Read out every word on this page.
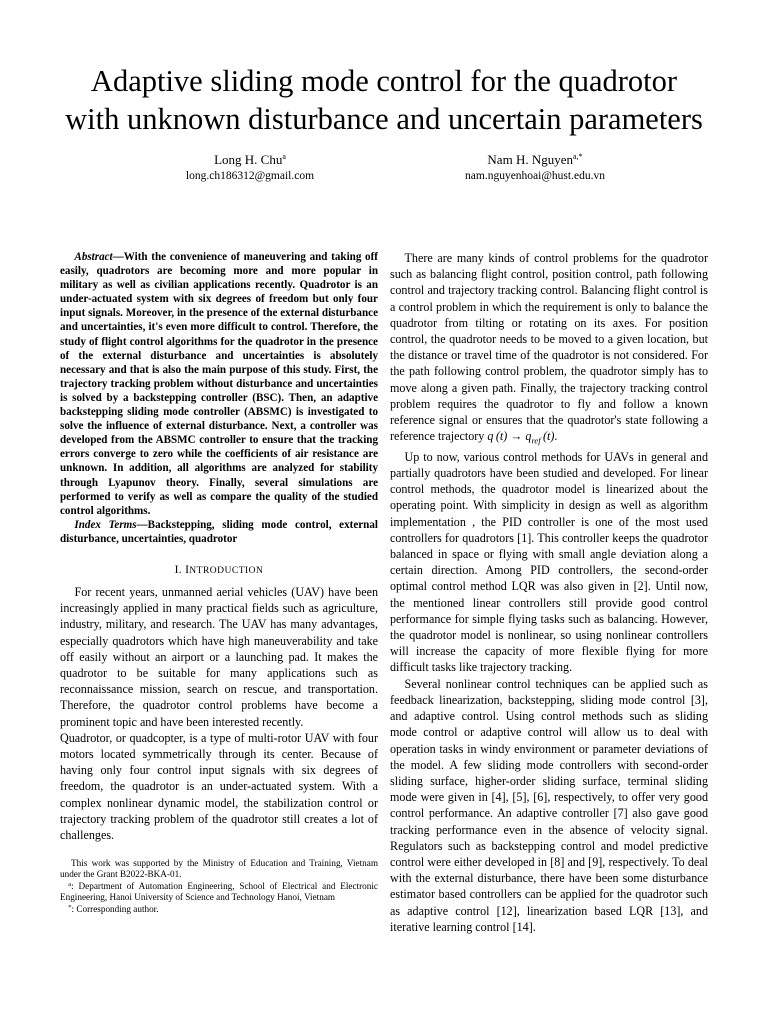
Adaptive sliding mode control for the quadrotor
with unknown disturbance and uncertain parameters
Long H. Chu$^a$
long.ch186312@gmail.com
Nam H. Nguyen$^{a,*}$
nam.nguyenhoai@hust.edu.vn

Abstract—With the convenience of maneuvering and taking off easily, quadrotors are becoming more and more popular in military as well as civilian applications recently. Quadrotor is an under-actuated system with six degrees of freedom but only four input signals. Moreover, in the presence of the external disturbance and uncertainties, it's even more difficult to control. Therefore, the study of flight control algorithms for the quadrotor in the presence of the external disturbance and uncertainties is absolutely necessary and that is also the main purpose of this study. First, the trajectory tracking problem without disturbance and uncertainties is solved by a backstepping controller (BSC). Then, an adaptive backstepping sliding mode controller (ABSMC) is investigated to solve the influence of external disturbance. Next, a controller was developed from the ABSMC controller to ensure that the tracking errors converge to zero while the coefficients of air resistance are unknown. In addition, all algorithms are analyzed for stability through Lyapunov theory. Finally, several simulations are performed to verify as well as compare the quality of the studied control algorithms.

Index Terms—Backstepping, sliding mode control, external disturbance, uncertainties, quadrotor

I. INTRODUCTION

For recent years, unmanned aerial vehicles (UAV) have been increasingly applied in many practical fields such as agriculture, industry, military, and research. The UAV has many advantages, especially quadrotors which have high maneuverability and take off easily without an airport or a launching pad. It makes the quadrotor to be suitable for many applications such as reconnaissance mission, search on rescue, and transportation. Therefore, the quadrotor control problems have become a prominent topic and have been interested recently.

Quadrotor, or quadcopter, is a type of multi-rotor UAV with four motors located symmetrically through its center. Because of having only four control input signals with six degrees of freedom, the quadrotor is an under-actuated system. With a complex nonlinear dynamic model, the stabilization control or trajectory tracking problem of the quadrotor still creates a lot of challenges.

This work was supported by the Ministry of Education and Training, Vietnam under the Grant B2022-BKA-01.

$^a$: Department of Automation Engineering, School of Electrical and Electronic Engineering, Hanoi University of Science and Technology Hanoi, Vietnam

*: Corresponding author.

There are many kinds of control problems for the quadrotor such as balancing flight control, position control, path following control and trajectory tracking control. Balancing flight control is a control problem in which the requirement is only to balance the quadrotor from tilting or rotating on its axes. For position control, the quadrotor needs to be moved to a given location, but the distance or travel time of the quadrotor is not considered. For the path following control problem, the quadrotor simply has to move along a given path. Finally, the trajectory tracking control problem requires the quadrotor to fly and follow a known reference signal or ensures that the quadrotor's state following a reference trajectory q  $(t) \to q_{ref}$  (t).

Up to now, various control methods for UAVs in general and partially quadrotors have been studied and developed. For linear control methods, the quadrotor model is linearized about the operating point. With simplicity in design as well as algorithm implementation , the PID controller is one of the most used controllers for quadrotors [1]. This controller keeps the quadrotor balanced in space or flying with small angle deviation along a certain direction. Among PID controllers, the second-order optimal control method LQR was also given in [2]. Until now, the mentioned linear controllers still provide good control performance for simple flying tasks such as balancing. However, the quadrotor model is nonlinear, so using nonlinear controllers will increase the capacity of more flexible flying for more difficult tasks like trajectory tracking.

Several nonlinear control techniques can be applied such as feedback linearization, backstepping, sliding mode control [3], and adaptive control. Using control methods such as sliding mode control or adaptive control will allow us to deal with operation tasks in windy environment or parameter deviations of the model. A few sliding mode controllers with second-order sliding surface, higher-order sliding surface, terminal sliding mode were given in [4], [5], [6], respectively, to offer very good control performance. An adaptive controller [7] also gave good tracking performance even in the absence of velocity signal. Regulators such as backstepping control and model predictive control were either developed in [8] and [9], respectively. To deal with the external disturbance, there have been some disturbance estimator based controllers can be applied for the quadrotor such as adaptive control [12], linearization based LQR [13], and iterative learning control [14].
